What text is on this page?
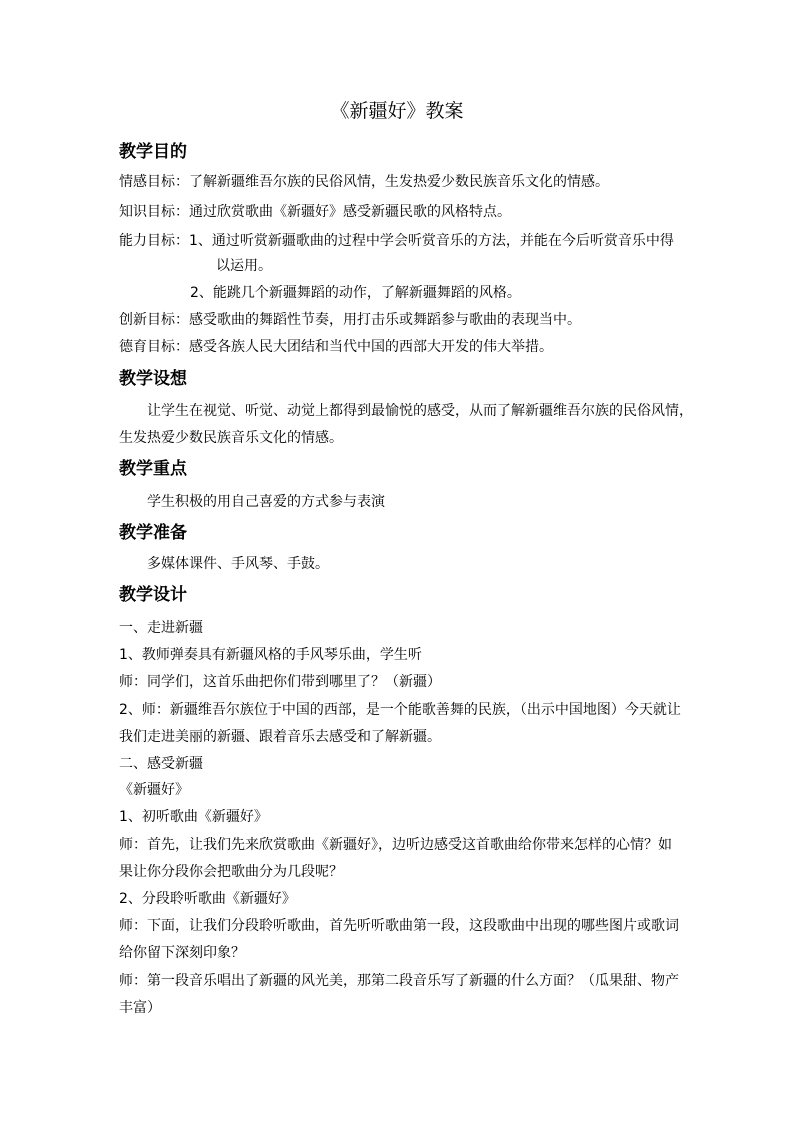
《新疆好》教案
教学目的
情感目标：了解新疆维吾尔族的民俗风情，生发热爱少数民族音乐文化的情感。
知识目标：通过欣赏歌曲《新疆好》感受新疆民歌的风格特点。
能力目标：1、通过听赏新疆歌曲的过程中学会听赏音乐的方法，并能在今后听赏音乐中得
以运用。
2、能跳几个新疆舞蹈的动作，了解新疆舞蹈的风格。
创新目标：感受歌曲的舞蹈性节奏，用打击乐或舞蹈参与歌曲的表现当中。
德育目标：感受各族人民大团结和当代中国的西部大开发的伟大举措。
教学设想
让学生在视觉、听觉、动觉上都得到最愉悦的感受，从而了解新疆维吾尔族的民俗风情，
生发热爱少数民族音乐文化的情感。
教学重点
学生积极的用自己喜爱的方式参与表演
教学准备
多媒体课件、手风琴、手鼓。
教学设计
一、走进新疆
1、教师弹奏具有新疆风格的手风琴乐曲，学生听
师：同学们，这首乐曲把你们带到哪里了？（新疆）
2、师：新疆维吾尔族位于中国的西部，是一个能歌善舞的民族，（出示中国地图）今天就让
我们走进美丽的新疆、跟着音乐去感受和了解新疆。
二、感受新疆
《新疆好》
1、初听歌曲《新疆好》
师：首先，让我们先来欣赏歌曲《新疆好》，边听边感受这首歌曲给你带来怎样的心情？如
果让你分段你会把歌曲分为几段呢？
2、分段聆听歌曲《新疆好》
师：下面，让我们分段聆听歌曲，首先听听歌曲第一段，这段歌曲中出现的哪些图片或歌词
给你留下深刻印象？
师：第一段音乐唱出了新疆的风光美，那第二段音乐写了新疆的什么方面？（瓜果甜、物产
丰富）
